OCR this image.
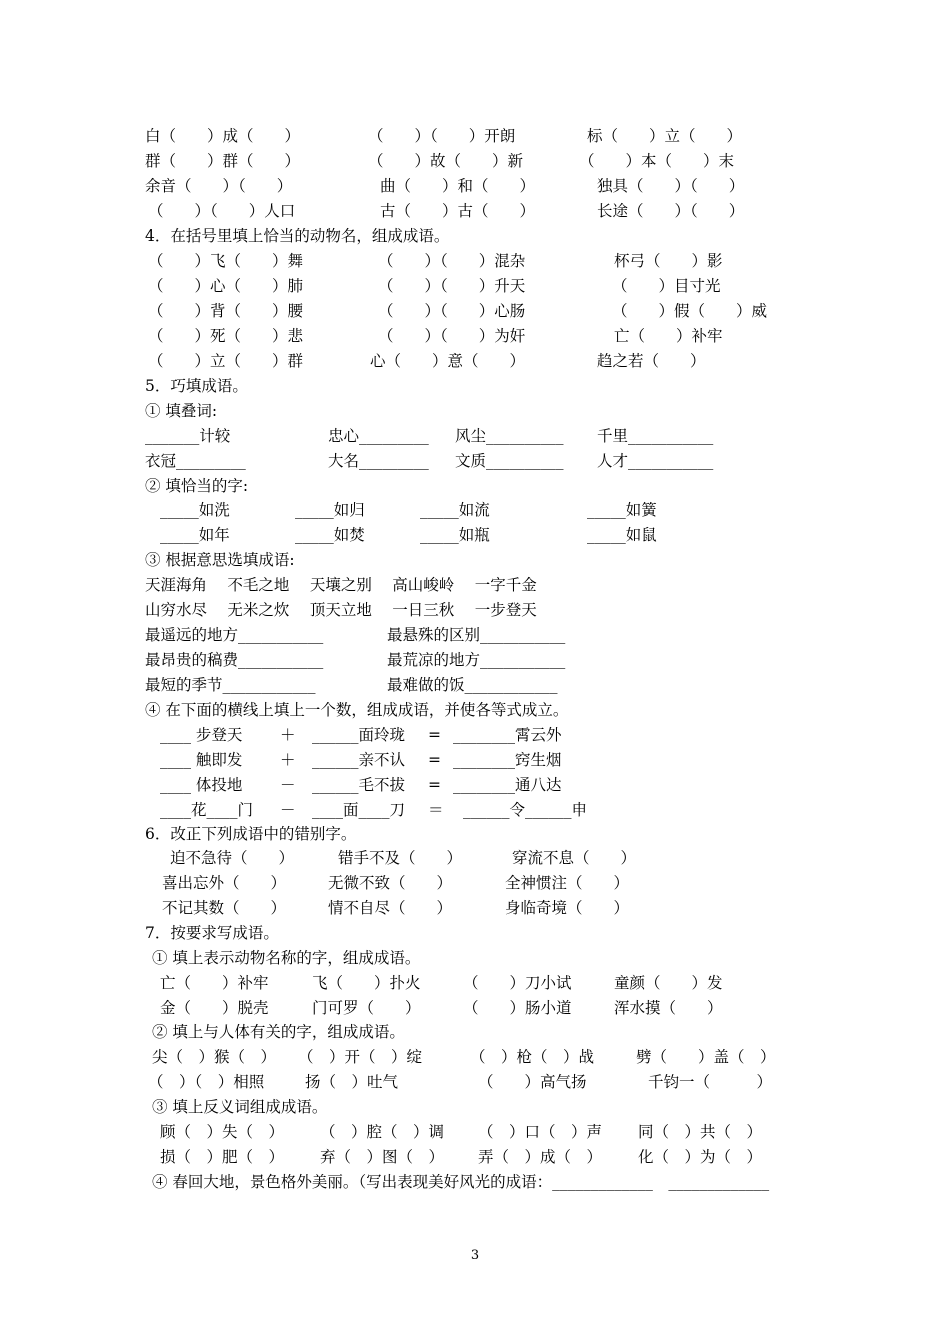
白（　　）成（　　）	（　　）（　　）开朗	标（　　）立（　　）
群（　　）群（　　）	（　　）故（　　）新	（　　）本（　　）末
余音（　　）（　　）	曲（　　）和（　　）	独具（　　）（　　）
（　　）（　　）人口	古（　　）古（　　）	长途（　　）（　　）
4．在括号里填上恰当的动物名，组成成语。
（　　）飞（　　）舞	（　　）（　　）混杂	杯弓（　　）影
（　　）心（　　）肺	（　　）（　　）升天	（　　）目寸光
（　　）背（　　）腰	（　　）（　　）心肠	（　　）假（　　）威
（　　）死（　　）悲	（　　）（　　）为奸	亡（　　）补牢
（　　）立（　　）群	心（　　）意（　　）	趋之若（　　）
5．巧填成语。
① 填叠词:
_______计较	忠心_________ 风尘__________ 千里___________
衣冠_________	大名_________ 文质__________ 人才___________
② 填恰当的字:
_____如洗	_____如归	_____如流	_____如簧
_____如年	_____如焚	_____如瓶	_____如鼠
③ 根据意思选填成语:
天涯海角　 不毛之地　 天壤之别　 高山峻岭　 一字千金
山穷水尽　 无米之炊　 顶天立地　 一日三秋　 一步登天
最遥远的地方___________	最悬殊的区别___________
最昂贵的稿费___________	最荒凉的地方___________
最短的季节____________	最难做的饭____________
④ 在下面的横线上填上一个数，组成成语，并使各等式成立。
____ 步登天 ＋ ______面玲珑 = ________霄云外
____ 触即发 ＋ ______亲不认 = ________窍生烟
____ 体投地 － ______毛不拔 = ________通八达
____花____门 － ____面____刀 ＝ ______令______申
6．改正下列成语中的错别字。
迫不急待（　　）	错手不及（　　）	穿流不息（　　）
喜出忘外（　　）	无微不致（　　）	全神惯注（　　）
不记其数（　　）	情不自尽（　　）	身临奇境（　　）
7．按要求写成语。
① 填上表示动物名称的字，组成成语。
亡（　　）补牢	飞（　　）扑火	（　　）刀小试	童颜（　　）发
金（　　）脱壳	门可罗（　　）	（　　）肠小道	浑水摸（　　）
② 填上与人体有关的字，组成成语。
尖（　）猴（　） （　）开（　）绽	（　）枪（　）战	劈（　　）盖（　）
（　）（　）相照	扬（　）吐气	（　　）高气扬	千钧一（　　　）
③ 填上反义词组成成语。
顾（　）失（　） （　）腔（　）调 （　）口（　）声 同（　）共（　）
损（　）肥（　） 弃（　）图（　） 弄（　）成（　） 化（　）为（　）
④ 春回大地，景色格外美丽。（写出表现美好风光的成语：_____________　_____________
3
